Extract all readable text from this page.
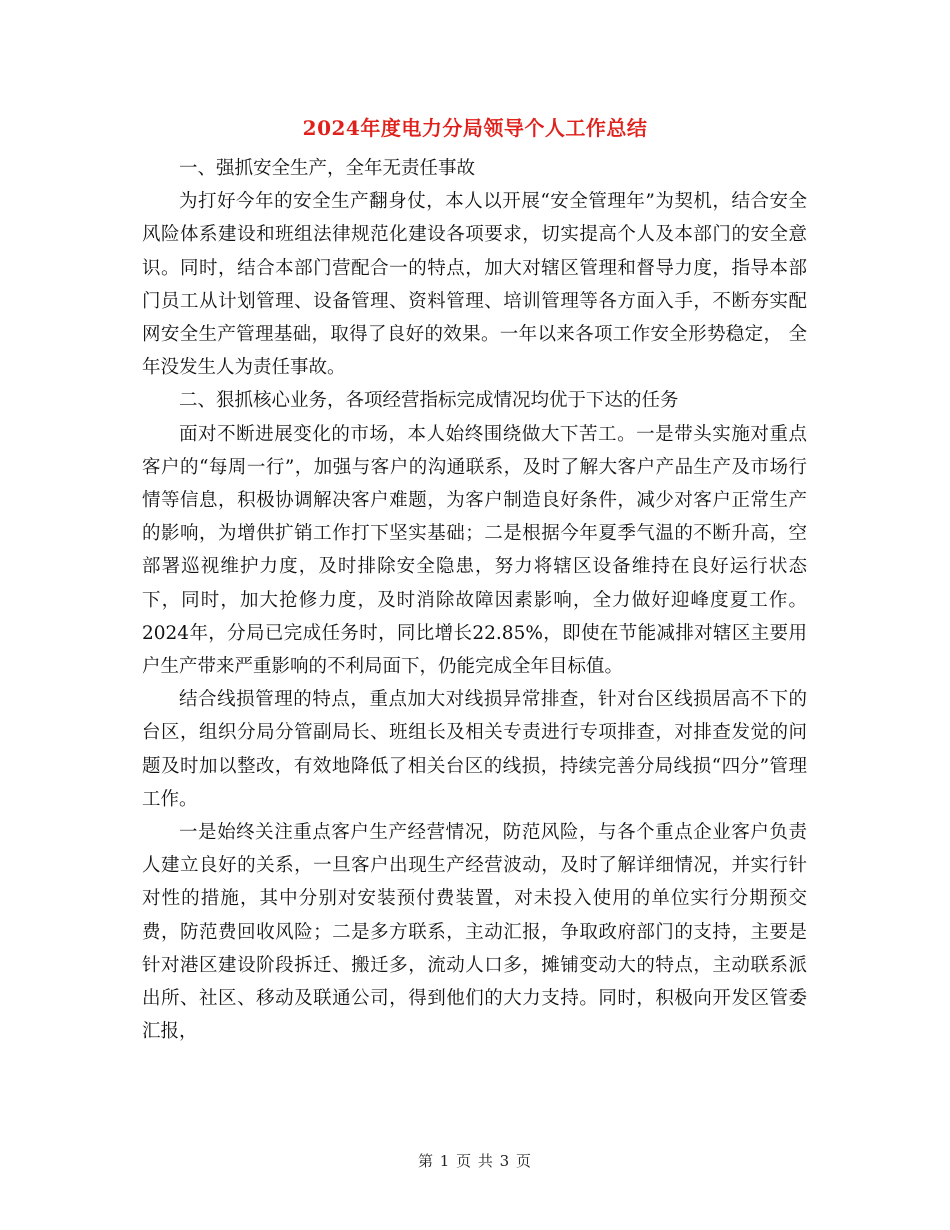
2024年度电力分局领导个人工作总结

一、强抓安全生产，全年无责任事故

为打好今年的安全生产翻身仗，本人以开展“安全管理年”为契机，结合安全风险体系建设和班组法律规范化建设各项要求，切实提高个人及本部门的安全意识。同时，结合本部门营配合一的特点，加大对辖区管理和督导力度，指导本部门员工从计划管理、设备管理、资料管理、培训管理等各方面入手，不断夯实配网安全生产管理基础，取得了良好的效果。一年以来各项工作安全形势稳定， 全年没发生人为责任事故。

二、狠抓核心业务，各项经营指标完成情况均优于下达的任务

面对不断进展变化的市场，本人始终围绕做大下苦工。一是带头实施对重点客户的“每周一行”，加强与客户的沟通联系，及时了解大客户产品生产及市场行情等信息，积极协调解决客户难题，为客户制造良好条件，减少对客户正常生产的影响，为增供扩销工作打下坚实基础；二是根据今年夏季气温的不断升高，空部署巡视维护力度，及时排除安全隐患，努力将辖区设备维持在良好运行状态下，同时，加大抢修力度，及时消除故障因素影响，全力做好迎峰度夏工作。2024年，分局已完成任务时，同比增长22.85%，即使在节能减排对辖区主要用户生产带来严重影响的不利局面下，仍能完成全年目标值。

结合线损管理的特点，重点加大对线损异常排查，针对台区线损居高不下的台区，组织分局分管副局长、班组长及相关专责进行专项排查，对排查发觉的问题及时加以整改，有效地降低了相关台区的线损，持续完善分局线损“四分”管理工作。

一是始终关注重点客户生产经营情况，防范风险，与各个重点企业客户负责人建立良好的关系，一旦客户出现生产经营波动，及时了解详细情况，并实行针对性的措施，其中分别对安装预付费装置，对未投入使用的单位实行分期预交费，防范费回收风险；二是多方联系，主动汇报，争取政府部门的支持，主要是针对港区建设阶段拆迁、搬迁多，流动人口多，摊铺变动大的特点，主动联系派出所、社区、移动及联通公司，得到他们的大力支持。同时，积极向开发区管委汇报，

第 1 页 共 3 页
